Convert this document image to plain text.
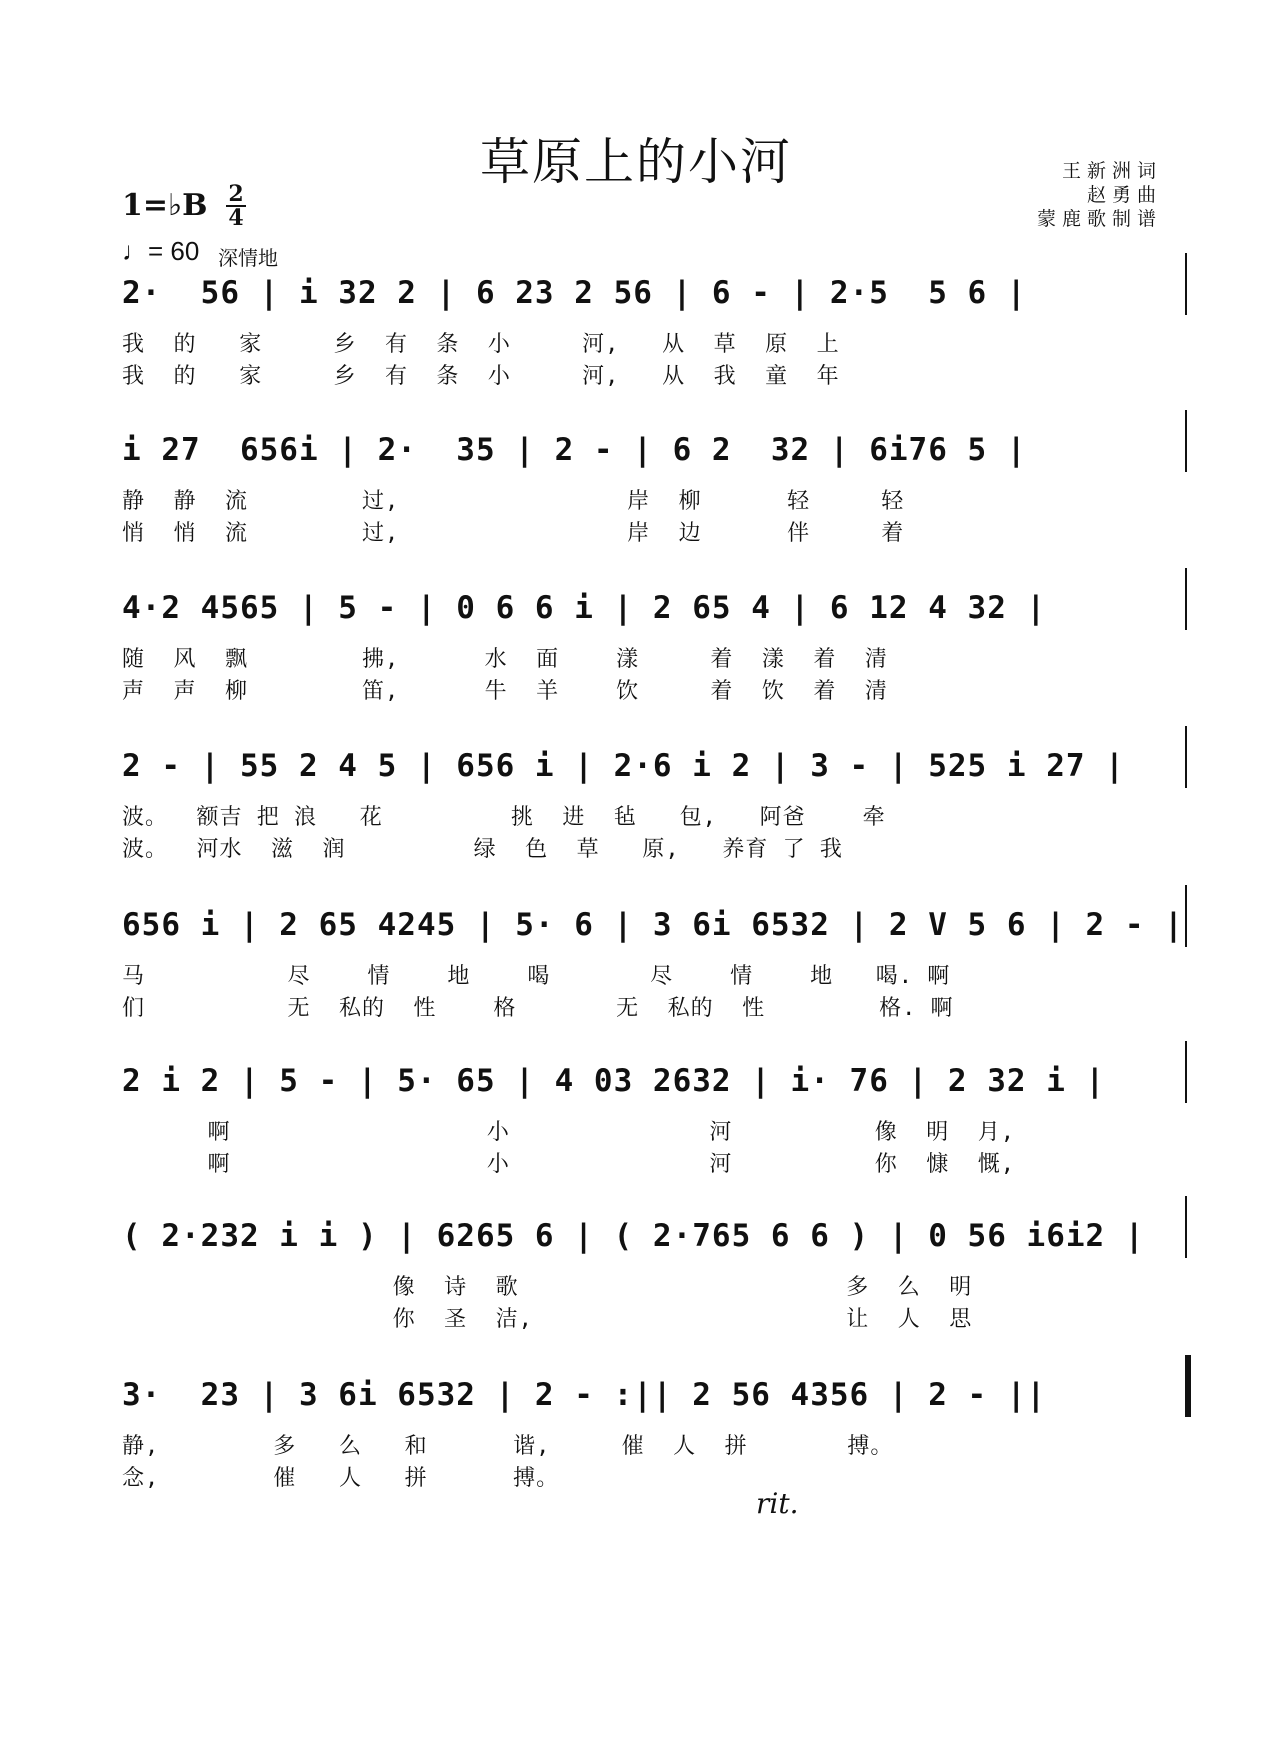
草原上的小河	王新洲词
赵勇曲
蒙鹿歌制谱
1=♭B 2
4
♩= 60 深情地
rit.
2·  56 | i 32 2 | 6 23 2 56 | 6 - | 2·5  5 6 |
我  的   家     乡  有  条  小     河,   从  草  原  上
我  的   家     乡  有  条  小     河,   从  我  童  年
i 27  656i | 2·  35 | 2 - | 6 2  32 | 6i76 5 |
静  静  流        过,                岸  柳      轻     轻
悄  悄  流        过,                岸  边      伴     着
4·2 4565 | 5 - | 0 6 6 i | 2 65 4 | 6 12 4 32 |
随  风  飘        拂,      水  面    漾     着  漾  着  清
声  声  柳        笛,      牛  羊    饮     着  饮  着  清
2 - | 55 2 4 5 | 656 i | 2·6 i 2 | 3 - | 525 i 27 |
波。  额吉 把 浪   花         挑  进  毡   包,   阿爸    牵
波。  河水  滋  润         绿  色  草   原,   养育 了 我
656 i | 2 65 4245 | 5· 6 | 3 6i 6532 | 2 V 5 6 | 2 - |
马          尽    情    地    喝       尽    情    地   喝. 啊
们          无  私的  性    格       无  私的  性        格. 啊
2 i 2 | 5 - | 5· 65 | 4 03 2632 | i· 76 | 2 32 i |
啊                  小              河          像  明  月,
啊                  小              河          你  慷  慨,
( 2·232 i i ) | 6265 6 | ( 2·765 6 6 ) | 0 56 i6i2 |
像  诗  歌                       多  么  明
你  圣  洁,                      让  人  思
3·  23 | 3 6i 6532 | 2 - :|| 2 56 4356 | 2 - ||
静,        多   么   和      谐,     催  人  拼       搏。
念,        催   人   拼      搏。
